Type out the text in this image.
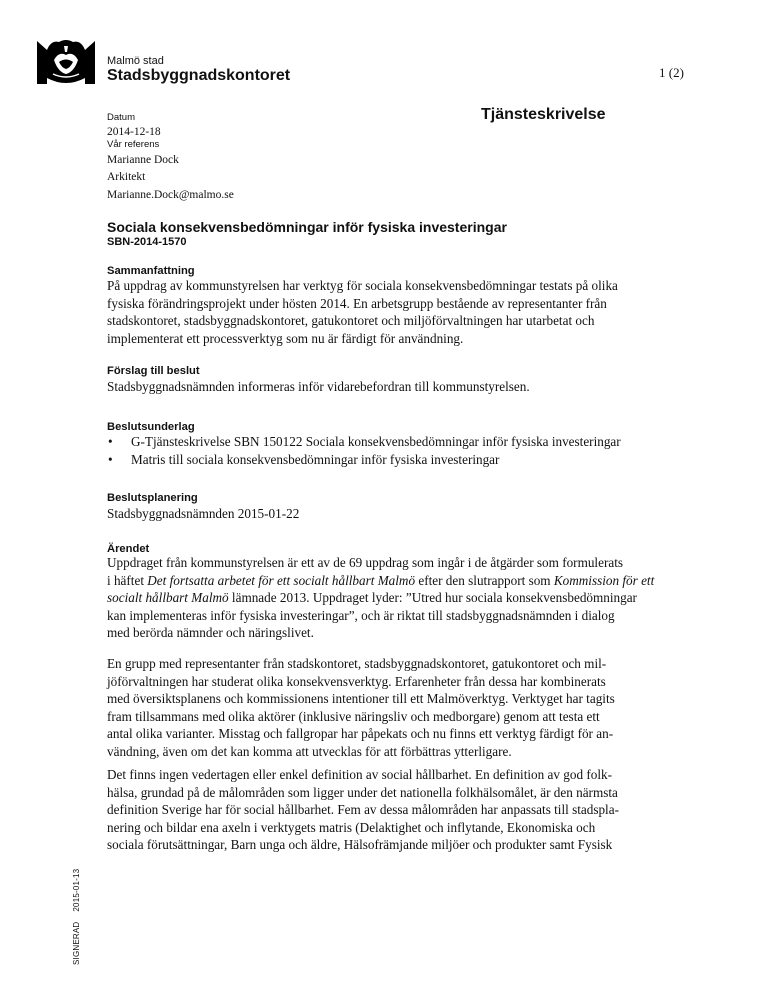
Malmö stad
Stadsbyggnadskontoret	1 (2)
Tjänsteskrivelse
Datum
2014-12-18
Vår referens
Marianne Dock
Arkitekt
Marianne.Dock@malmo.se
Sociala konsekvensbedömningar inför fysiska investeringar
SBN-2014-1570
Sammanfattning

På uppdrag av kommunstyrelsen har verktyg för sociala konsekvensbedömningar testats på olika
fysiska förändringsprojekt under hösten 2014. En arbetsgrupp bestående av representanter från
stadskontoret, stadsbyggnadskontoret, gatukontoret och miljöförvaltningen har utarbetat och
implementerat ett processverktyg som nu är färdigt för användning.

Förslag till beslut

Stadsbyggnadsnämnden informeras inför vidarebefordran till kommunstyrelsen.

Beslutsunderlag
• G-Tjänsteskrivelse SBN 150122 Sociala konsekvensbedömningar inför fysiska investeringar
• Matris till sociala konsekvensbedömningar inför fysiska investeringar
Beslutsplanering

Stadsbyggnadsnämnden 2015-01-22

Ärendet

Uppdraget från kommunstyrelsen är ett av de 69 uppdrag som ingår i de åtgärder som formulerats
i häftet Det fortsatta arbetet för ett socialt hållbart Malmö efter den slutrapport som Kommission för ett
socialt hållbart Malmö lämnade 2013. Uppdraget lyder: ”Utred hur sociala konsekvensbedömningar
kan implementeras inför fysiska investeringar”, och är riktat till stadsbyggnadsnämnden i dialog
med berörda nämnder och näringslivet.

En grupp med representanter från stadskontoret, stadsbyggnadskontoret, gatukontoret och mil-
jöförvaltningen har studerat olika konsekvensverktyg. Erfarenheter från dessa har kombinerats
med översiktsplanens och kommissionens intentioner till ett Malmöverktyg. Verktyget har tagits
fram tillsammans med olika aktörer (inklusive näringsliv och medborgare) genom att testa ett
antal olika varianter. Misstag och fallgropar har påpekats och nu finns ett verktyg färdigt för an-
vändning, även om det kan komma att utvecklas för att förbättras ytterligare.

Det finns ingen vedertagen eller enkel definition av social hållbarhet. En definition av god folk-
hälsa, grundad på de målområden som ligger under det nationella folkhälsomålet, är den närmsta
definition Sverige har för social hållbarhet. Fem av dessa målområden har anpassats till stadspla-
nering och bildar ena axeln i verktygets matris (Delaktighet och inflytande, Ekonomiska och
sociala förutsättningar, Barn unga och äldre, Hälsofrämjande miljöer och produkter samt Fysisk

SIGNERAD2015-01-13
